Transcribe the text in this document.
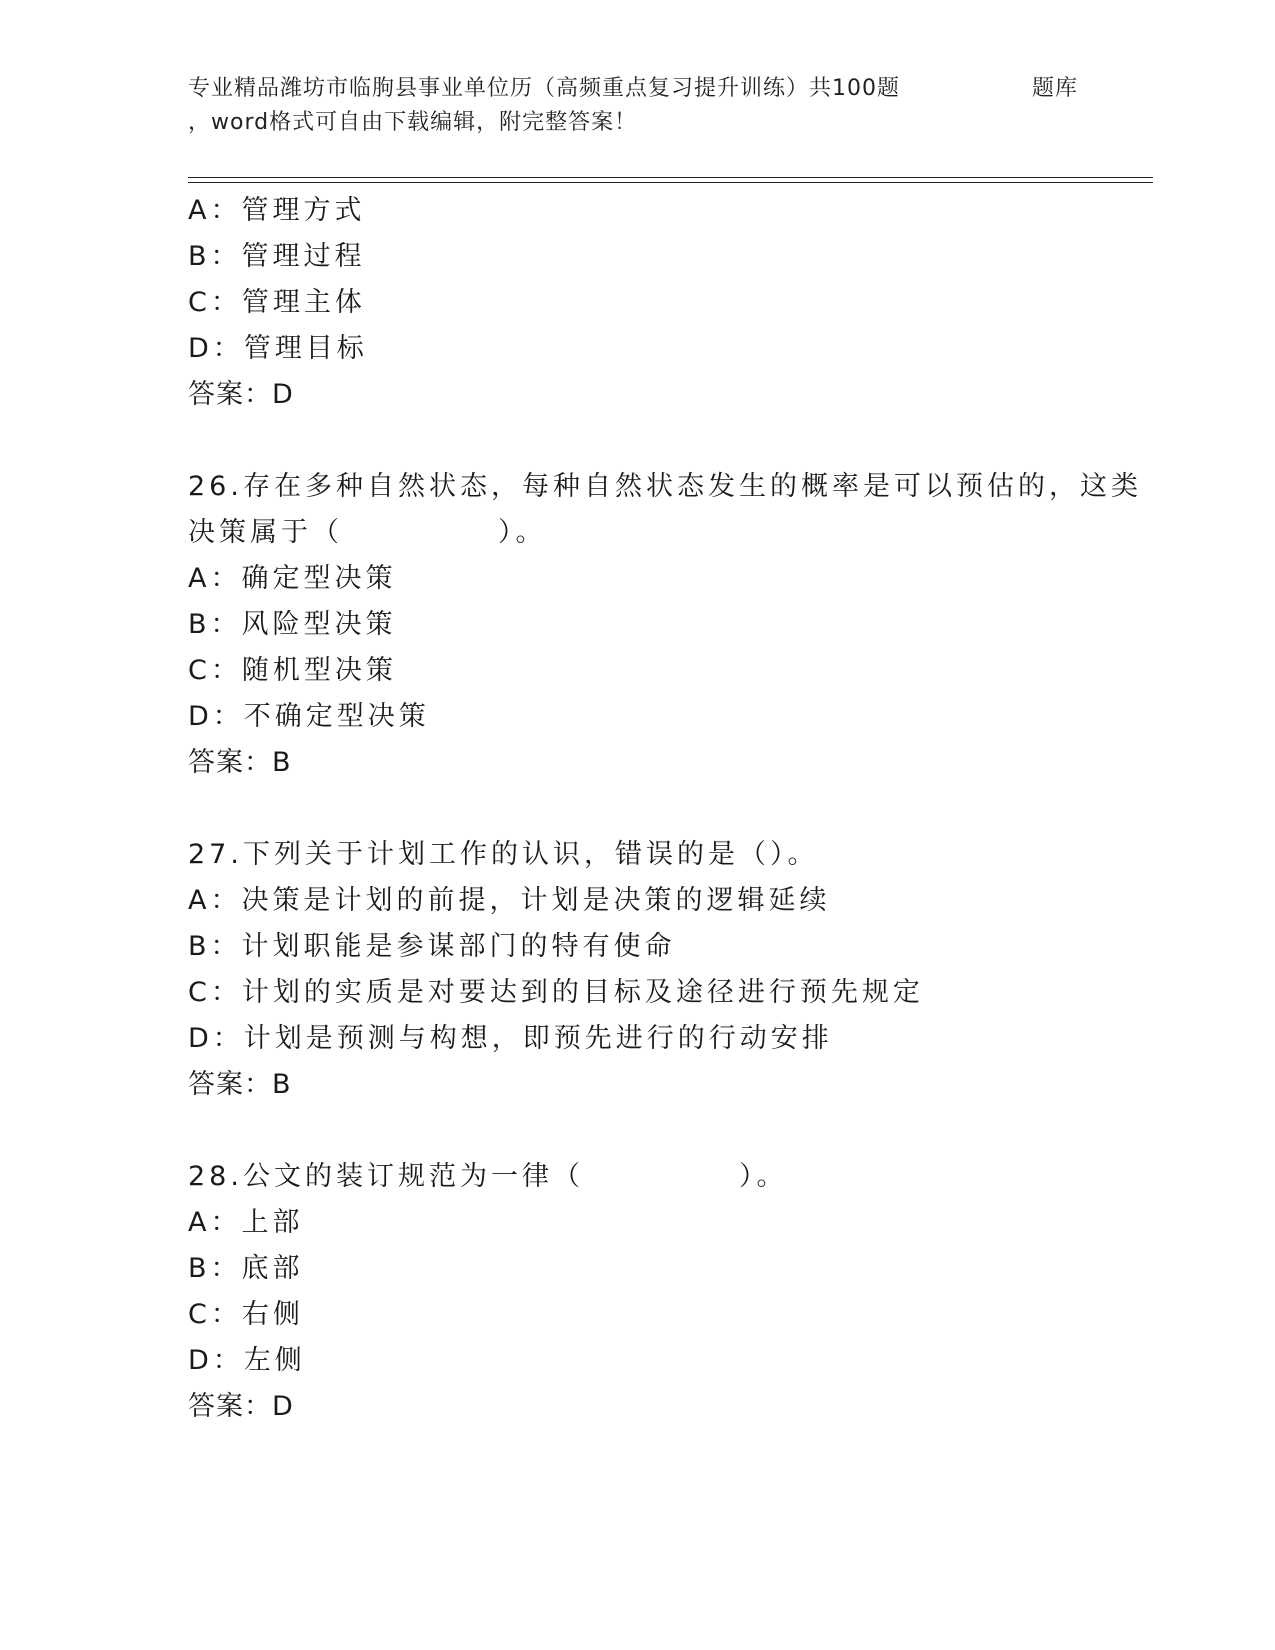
专业精品潍坊市临朐县事业单位历（高频重点复习提升训练）共100题	题库
，word格式可自由下载编辑，附完整答案！
A：管理方式
B：管理过程
C：管理主体
D：管理目标
答案：D
26.存在多种自然状态，每种自然状态发生的概率是可以预估的，这类
决策属于（　　　　　）。
A：确定型决策
B：风险型决策
C：随机型决策
D：不确定型决策
答案：B
27.下列关于计划工作的认识，错误的是（）。
A：决策是计划的前提，计划是决策的逻辑延续
B：计划职能是参谋部门的特有使命
C：计划的实质是对要达到的目标及途径进行预先规定
D：计划是预测与构想，即预先进行的行动安排
答案：B
28.公文的装订规范为一律（　　　　　）。
A：上部
B：底部
C：右侧
D：左侧
答案：D
